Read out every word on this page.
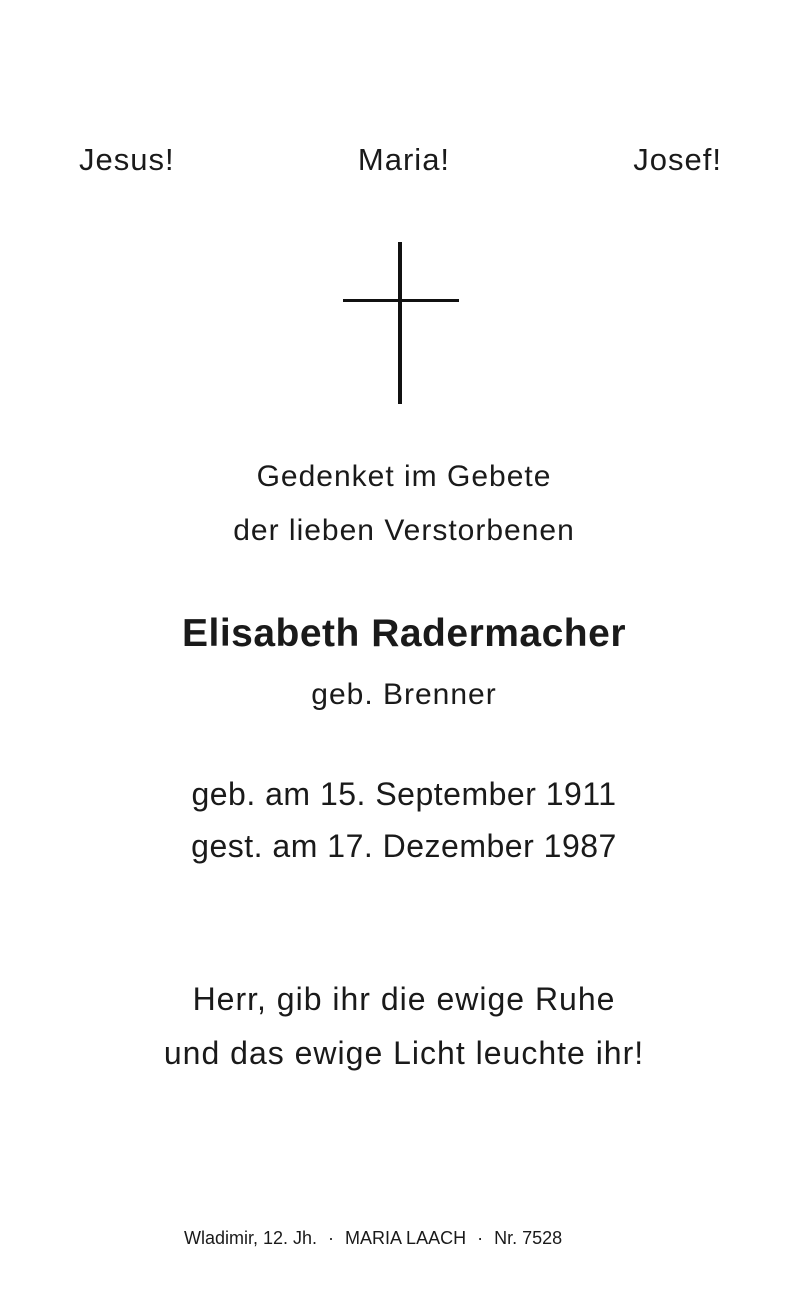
Jesus!	Maria!	Josef!
Gedenket im Gebete
der lieben Verstorbenen
Elisabeth Radermacher
geb. Brenner
geb. am 15. September 1911
gest. am 17. Dezember 1987
Herr, gib ihr die ewige Ruhe
und das ewige Licht leuchte ihr!
Wladimir, 12. Jh. · MARIA LAACH · Nr. 7528
